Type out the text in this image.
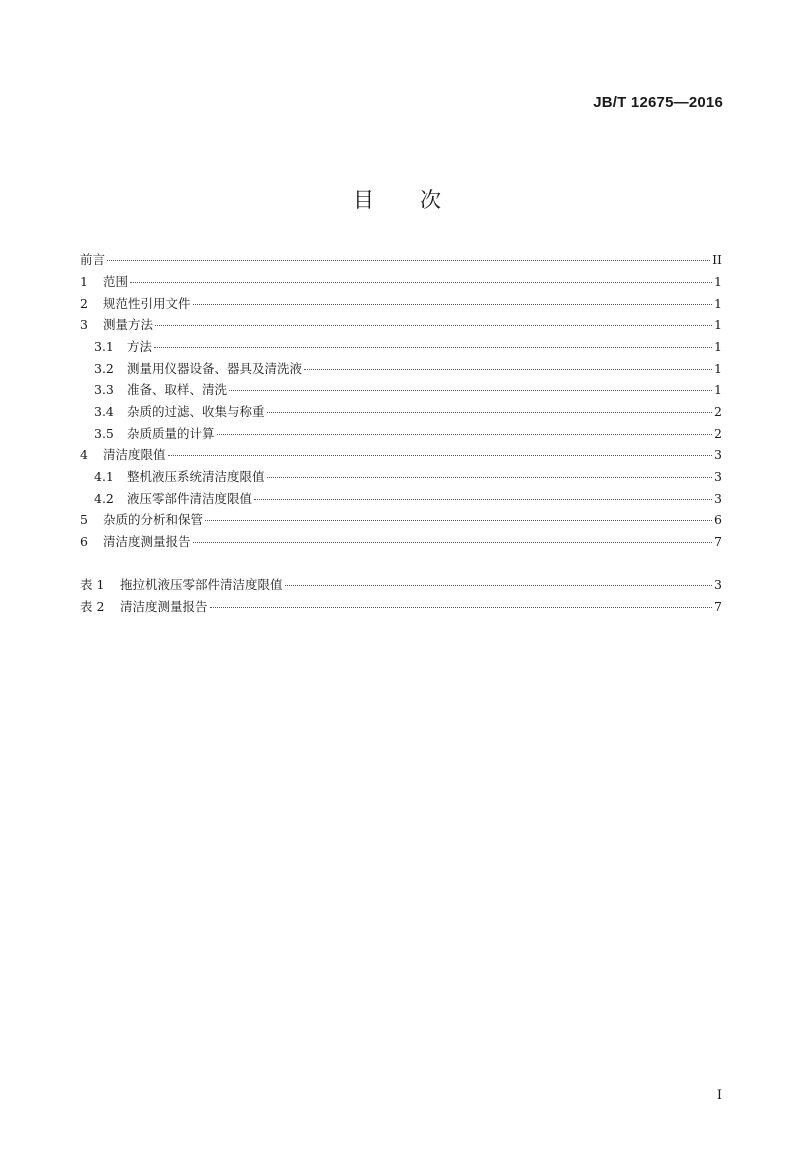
JB/T 12675—2016
目 次
前言	II
1	范围	1
2	规范性引用文件	1
3	测量方法	1
3.1	方法	1
3.2	测量用仪器设备、器具及清洗液	1
3.3	准备、取样、清洗	1
3.4	杂质的过滤、收集与称重	2
3.5	杂质质量的计算	2
4	清洁度限值	3
4.1	整机液压系统清洁度限值	3
4.2	液压零部件清洁度限值	3
5	杂质的分析和保管	6
6	清洁度测量报告	7
表 1	拖拉机液压零部件清洁度限值	3
表 2	清洁度测量报告	7
I
